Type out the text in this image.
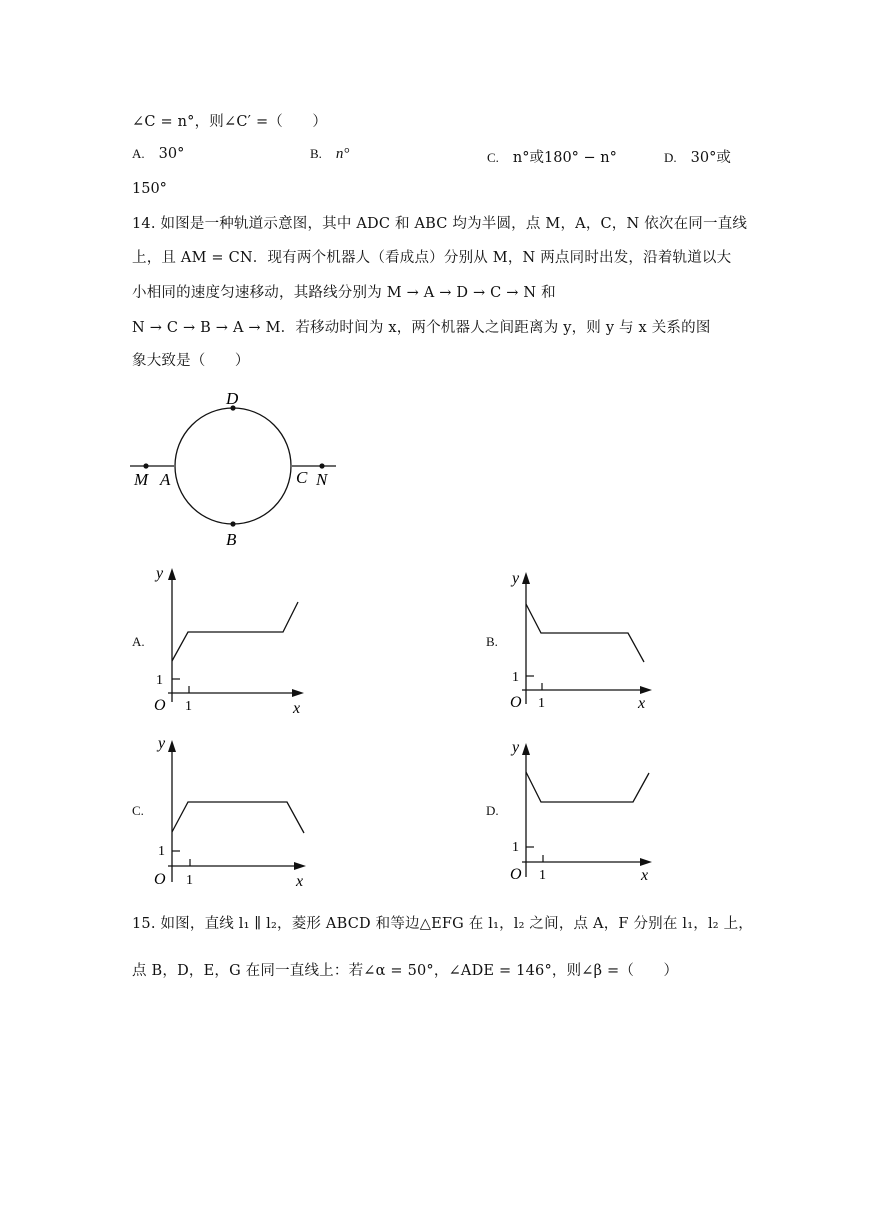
∠C = n°，则∠C′ =（　　）
A. 30°	B. n°	C. n°或180° − n°	D. 30°或
150°
14. 如图是一种轨道示意图，其中 ADC 和 ABC 均为半圆，点 M，A，C，N 依次在同一直线
上，且 AM = CN．现有两个机器人（看成点）分别从 M，N 两点同时出发，沿着轨道以大
小相同的速度匀速移动，其路线分别为 M → A → D → C → N 和
N → C → B → A → M．若移动时间为 x，两个机器人之间距离为 y，则 y 与 x 关系的图
象大致是（　　）
D
B
M A	C N
A.
y
1
O 1	x
B.
y
1
O 1	x
C.
y
1
O 1	x
D.
y
1
O 1	x
15. 如图，直线 l₁ ∥ l₂，菱形 ABCD 和等边△EFG 在 l₁，l₂ 之间，点 A，F 分别在 l₁，l₂ 上，
点 B，D，E，G 在同一直线上：若∠α = 50°，∠ADE = 146°，则∠β =（　　）
